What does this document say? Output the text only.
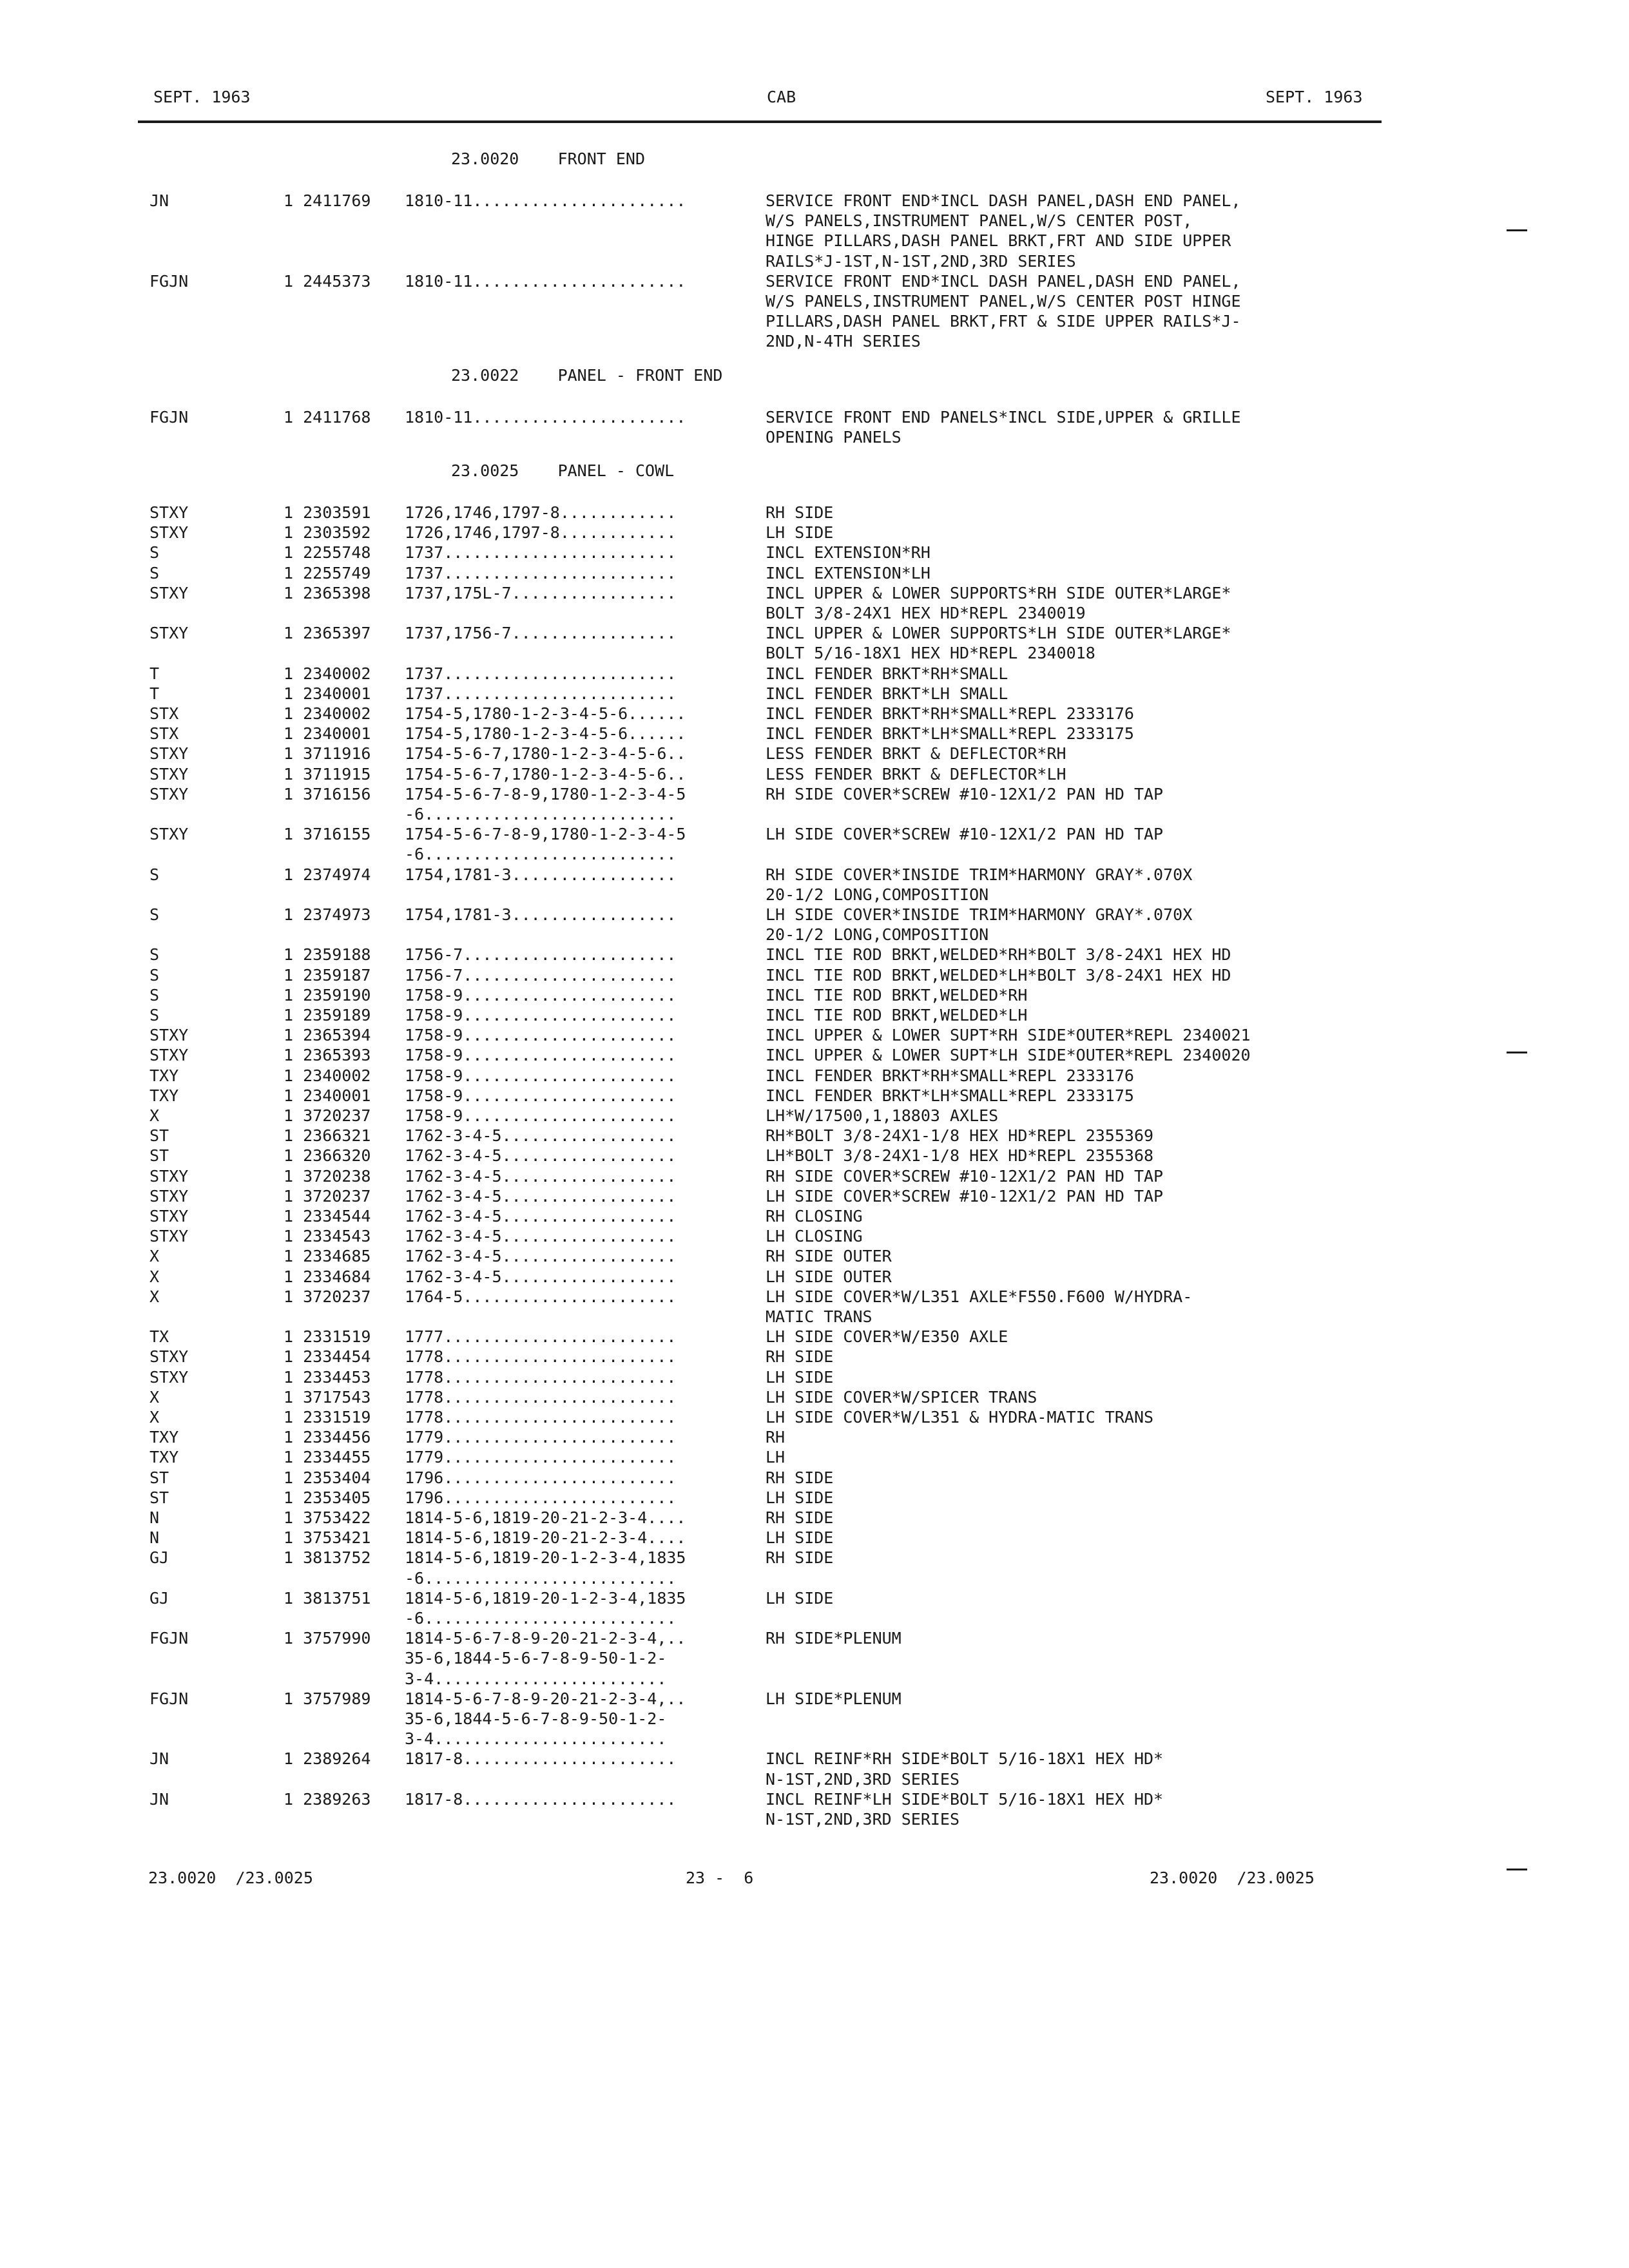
SEPT. 1963	CAB	SEPT. 1963
23.0020    FRONT END
JN	1 2411769 1810-11......................	SERVICE FRONT END*INCL DASH PANEL,DASH END PANEL,
W/S PANELS,INSTRUMENT PANEL,W/S CENTER POST,
HINGE PILLARS,DASH PANEL BRKT,FRT AND SIDE UPPER
RAILS*J-1ST,N-1ST,2ND,3RD SERIES
FGJN	1 2445373 1810-11......................	SERVICE FRONT END*INCL DASH PANEL,DASH END PANEL,
W/S PANELS,INSTRUMENT PANEL,W/S CENTER POST HINGE
PILLARS,DASH PANEL BRKT,FRT & SIDE UPPER RAILS*J-
2ND,N-4TH SERIES
23.0022    PANEL - FRONT END
FGJN	1 2411768 1810-11......................	SERVICE FRONT END PANELS*INCL SIDE,UPPER & GRILLE
OPENING PANELS
23.0025    PANEL - COWL
STXY	1 2303591 1726,1746,1797-8............	RH SIDE
STXY	1 2303592 1726,1746,1797-8............	LH SIDE
S	1 2255748 1737........................	INCL EXTENSION*RH
S	1 2255749 1737........................	INCL EXTENSION*LH
STXY	1 2365398 1737,175L-7.................	INCL UPPER & LOWER SUPPORTS*RH SIDE OUTER*LARGE*
BOLT 3/8-24X1 HEX HD*REPL 2340019
STXY	1 2365397 1737,1756-7.................	INCL UPPER & LOWER SUPPORTS*LH SIDE OUTER*LARGE*
BOLT 5/16-18X1 HEX HD*REPL 2340018
T	1 2340002 1737........................	INCL FENDER BRKT*RH*SMALL
T	1 2340001 1737........................	INCL FENDER BRKT*LH SMALL
STX	1 2340002 1754-5,1780-1-2-3-4-5-6......	INCL FENDER BRKT*RH*SMALL*REPL 2333176
STX	1 2340001 1754-5,1780-1-2-3-4-5-6......	INCL FENDER BRKT*LH*SMALL*REPL 2333175
STXY	1 3711916 1754-5-6-7,1780-1-2-3-4-5-6..	LESS FENDER BRKT & DEFLECTOR*RH
STXY	1 3711915 1754-5-6-7,1780-1-2-3-4-5-6..	LESS FENDER BRKT & DEFLECTOR*LH
STXY	1 3716156 1754-5-6-7-8-9,1780-1-2-3-4-5	RH SIDE COVER*SCREW #10-12X1/2 PAN HD TAP
-6..........................
STXY	1 3716155 1754-5-6-7-8-9,1780-1-2-3-4-5	LH SIDE COVER*SCREW #10-12X1/2 PAN HD TAP
-6..........................
S	1 2374974 1754,1781-3.................	RH SIDE COVER*INSIDE TRIM*HARMONY GRAY*.070X
20-1/2 LONG,COMPOSITION
S	1 2374973 1754,1781-3.................	LH SIDE COVER*INSIDE TRIM*HARMONY GRAY*.070X
20-1/2 LONG,COMPOSITION
S	1 2359188 1756-7......................	INCL TIE ROD BRKT,WELDED*RH*BOLT 3/8-24X1 HEX HD
S	1 2359187 1756-7......................	INCL TIE ROD BRKT,WELDED*LH*BOLT 3/8-24X1 HEX HD
S	1 2359190 1758-9......................	INCL TIE ROD BRKT,WELDED*RH
S	1 2359189 1758-9......................	INCL TIE ROD BRKT,WELDED*LH
STXY	1 2365394 1758-9......................	INCL UPPER & LOWER SUPT*RH SIDE*OUTER*REPL 2340021
STXY	1 2365393 1758-9......................	INCL UPPER & LOWER SUPT*LH SIDE*OUTER*REPL 2340020
TXY	1 2340002 1758-9......................	INCL FENDER BRKT*RH*SMALL*REPL 2333176
TXY	1 2340001 1758-9......................	INCL FENDER BRKT*LH*SMALL*REPL 2333175
X	1 3720237 1758-9......................	LH*W/17500,1,18803 AXLES
ST	1 2366321 1762-3-4-5..................	RH*BOLT 3/8-24X1-1/8 HEX HD*REPL 2355369
ST	1 2366320 1762-3-4-5..................	LH*BOLT 3/8-24X1-1/8 HEX HD*REPL 2355368
STXY	1 3720238 1762-3-4-5..................	RH SIDE COVER*SCREW #10-12X1/2 PAN HD TAP
STXY	1 3720237 1762-3-4-5..................	LH SIDE COVER*SCREW #10-12X1/2 PAN HD TAP
STXY	1 2334544 1762-3-4-5..................	RH CLOSING
STXY	1 2334543 1762-3-4-5..................	LH CLOSING
X	1 2334685 1762-3-4-5..................	RH SIDE OUTER
X	1 2334684 1762-3-4-5..................	LH SIDE OUTER
X	1 3720237 1764-5......................	LH SIDE COVER*W/L351 AXLE*F550.F600 W/HYDRA-
MATIC TRANS
TX	1 2331519 1777........................	LH SIDE COVER*W/E350 AXLE
STXY	1 2334454 1778........................	RH SIDE
STXY	1 2334453 1778........................	LH SIDE
X	1 3717543 1778........................	LH SIDE COVER*W/SPICER TRANS
X	1 2331519 1778........................	LH SIDE COVER*W/L351 & HYDRA-MATIC TRANS
TXY	1 2334456 1779........................	RH
TXY	1 2334455 1779........................	LH
ST	1 2353404 1796........................	RH SIDE
ST	1 2353405 1796........................	LH SIDE
N	1 3753422 1814-5-6,1819-20-21-2-3-4....	RH SIDE
N	1 3753421 1814-5-6,1819-20-21-2-3-4....	LH SIDE
GJ	1 3813752 1814-5-6,1819-20-1-2-3-4,1835	RH SIDE
-6..........................
GJ	1 3813751 1814-5-6,1819-20-1-2-3-4,1835	LH SIDE
-6..........................
FGJN	1 3757990 1814-5-6-7-8-9-20-21-2-3-4,..	RH SIDE*PLENUM
35-6,1844-5-6-7-8-9-50-1-2-
3-4........................
FGJN	1 3757989 1814-5-6-7-8-9-20-21-2-3-4,..	LH SIDE*PLENUM
35-6,1844-5-6-7-8-9-50-1-2-
3-4........................
JN	1 2389264 1817-8......................	INCL REINF*RH SIDE*BOLT 5/16-18X1 HEX HD*
N-1ST,2ND,3RD SERIES
JN	1 2389263 1817-8......................	INCL REINF*LH SIDE*BOLT 5/16-18X1 HEX HD*
N-1ST,2ND,3RD SERIES
23.0020  /23.0025	23 -  6	23.0020  /23.0025
